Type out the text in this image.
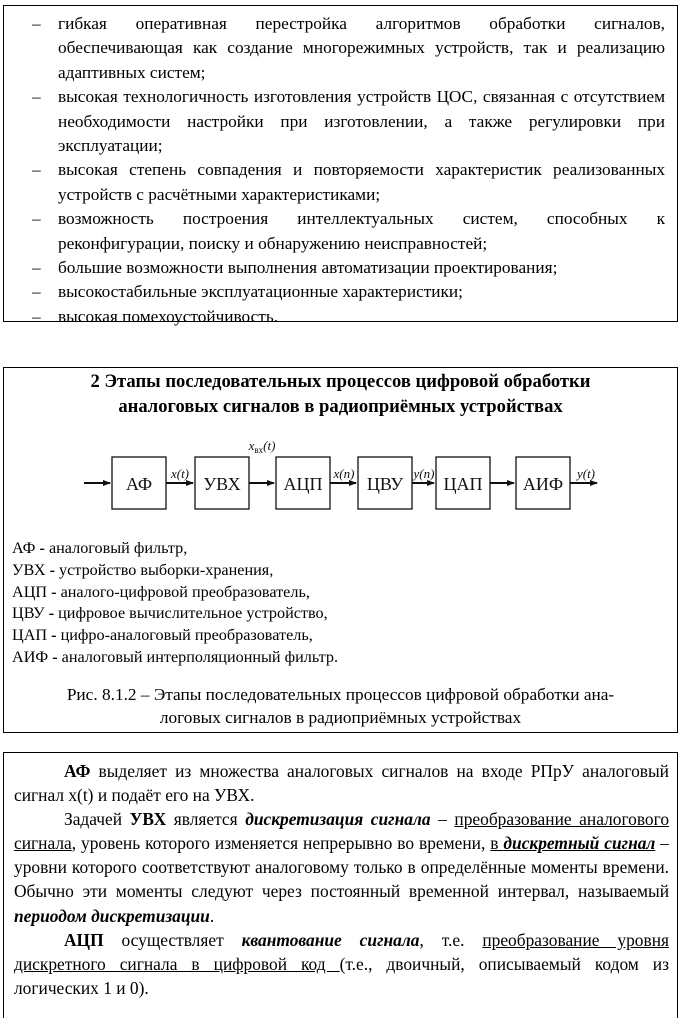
– гибкая оперативная перестройка алгоритмов обработки сигналов, обеспечивающая как создание многорежимных устройств, так и реализацию адаптивных систем;
– высокая технологичность изготовления устройств ЦОС, связанная с отсутствием необходимости настройки при изготовлении, а также регулировки при эксплуатации;
– высокая степень совпадения и повторяемости характеристик реализованных устройств с расчётными характеристиками;
– возможность построения интеллектуальных систем, способных к реконфигурации, поиску и обнаружению неисправностей;
– большие возможности выполнения автоматизации проектирования;
– высокостабильные эксплуатационные характеристики;
– высокая помехоустойчивость.
2 Этапы последовательных процессов цифровой обработки
аналоговых сигналов в радиоприёмных устройствах
АФ	УВХ АЦП ЦВУ ЦАП АИФ
x(t)	x(n)	y(n)	y(t)
$x_{вх}(t)$
АФ - аналоговый фильтр,
УВХ - устройство выборки-хранения,
АЦП - аналого-цифровой преобразователь,
ЦВУ - цифровое вычислительное устройство,
ЦАП - цифро-аналоговый преобразователь,
АИФ - аналоговый интерполяционный фильтр.
Рис. 8.1.2 – Этапы последовательных процессов цифровой обработки ана-
логовых сигналов в радиоприёмных устройствах

АФ выделяет из множества аналоговых сигналов на входе РПрУ аналоговый сигнал x(t) и подаёт его на УВХ.

Задачей УВХ является дискретизация сигнала – преобразование аналогового сигнала, уровень которого изменяется непрерывно во времени, в дискретный сигнал – уровни которого соответствуют аналоговому только в определённые моменты времени. Обычно эти моменты следуют через постоянный временной интервал, называемый периодом дискретизации.

АЦП осуществляет квантование сигнала, т.е. преобразование уровня дискретного сигнала в цифровой код (т.е., двоичный, описываемый кодом из логических 1 и 0).
